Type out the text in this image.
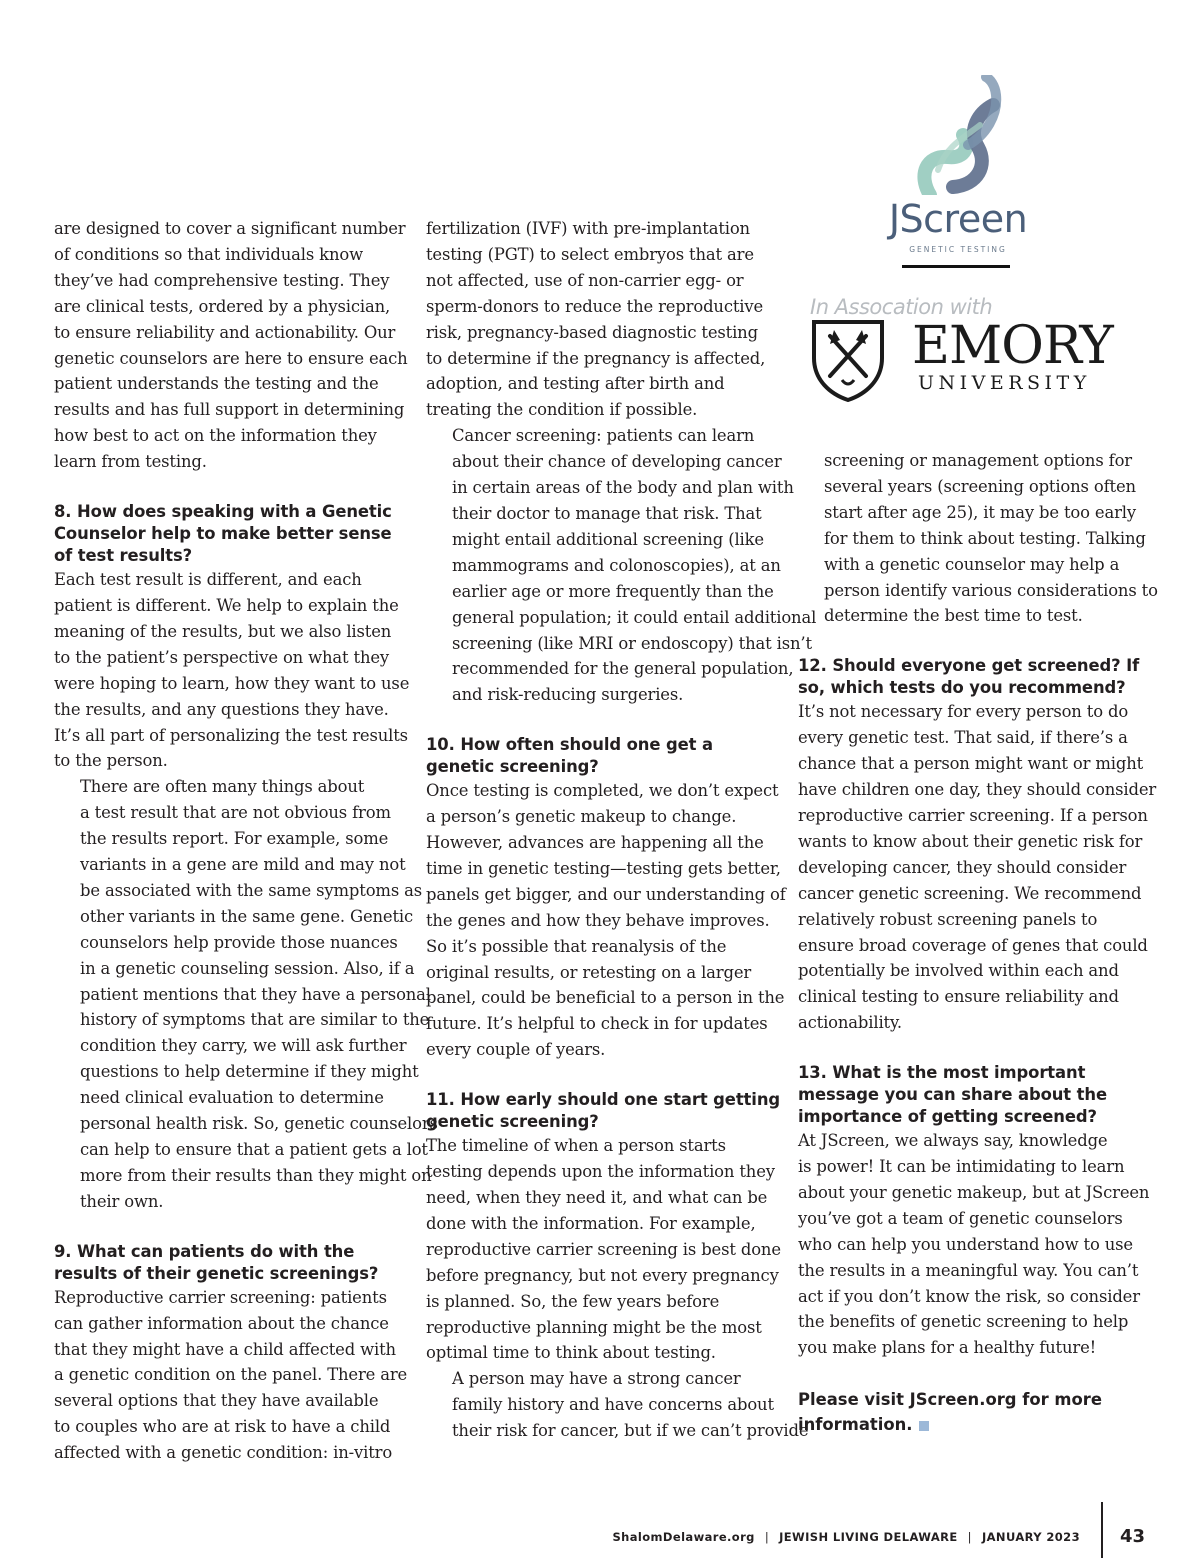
JScreen
GENETIC TESTING
In Assocation with
EMORY
UNIVERSITY

are designed to cover a significant number
of conditions so that individuals know
they’ve had comprehensive testing. They
are clinical tests, ordered by a physician,
to ensure reliability and actionability. Our
genetic counselors are here to ensure each
patient understands the testing and the
results and has full support in determining
how best to act on the information they
learn from testing.

8. How does speaking with a Genetic
Counselor help to make better sense
of test results?

Each test result is different, and each
patient is different. We help to explain the
meaning of the results, but we also listen
to the patient’s perspective on what they
were hoping to learn, how they want to use
the results, and any questions they have.
It’s all part of personalizing the test results
to the person.

There are often many things about
a test result that are not obvious from
the results report. For example, some
variants in a gene are mild and may not
be associated with the same symptoms as
other variants in the same gene. Genetic
counselors help provide those nuances
in a genetic counseling session. Also, if a
patient mentions that they have a personal
history of symptoms that are similar to the
condition they carry, we will ask further
questions to help determine if they might
need clinical evaluation to determine
personal health risk. So, genetic counselors
can help to ensure that a patient gets a lot
more from their results than they might on
their own.

9. What can patients do with the
results of their genetic screenings?

Reproductive carrier screening: patients
can gather information about the chance
that they might have a child affected with
a genetic condition on the panel. There are
several options that they have available
to couples who are at risk to have a child
affected with a genetic condition: in-vitro

fertilization (IVF) with pre-implantation
testing (PGT) to select embryos that are
not affected, use of non-carrier egg- or
sperm-donors to reduce the reproductive
risk, pregnancy-based diagnostic testing
to determine if the pregnancy is affected,
adoption, and testing after birth and
treating the condition if possible.

Cancer screening: patients can learn
about their chance of developing cancer
in certain areas of the body and plan with
their doctor to manage that risk. That
might entail additional screening (like
mammograms and colonoscopies), at an
earlier age or more frequently than the
general population; it could entail additional
screening (like MRI or endoscopy) that isn’t
recommended for the general population,
and risk-reducing surgeries.

10. How often should one get a
genetic screening?

Once testing is completed, we don’t expect
a person’s genetic makeup to change.
However, advances are happening all the
time in genetic testing—testing gets better,
panels get bigger, and our understanding of
the genes and how they behave improves.
So it’s possible that reanalysis of the
original results, or retesting on a larger
panel, could be beneficial to a person in the
future. It’s helpful to check in for updates
every couple of years.

11. How early should one start getting
genetic screening?

The timeline of when a person starts
testing depends upon the information they
need, when they need it, and what can be
done with the information. For example,
reproductive carrier screening is best done
before pregnancy, but not every pregnancy
is planned. So, the few years before
reproductive planning might be the most
optimal time to think about testing.

A person may have a strong cancer
family history and have concerns about
their risk for cancer, but if we can’t provide

screening or management options for
several years (screening options often
start after age 25), it may be too early
for them to think about testing. Talking
with a genetic counselor may help a
person identify various considerations to
determine the best time to test.

12. Should everyone get screened? If
so, which tests do you recommend?

It’s not necessary for every person to do
every genetic test. That said, if there’s a
chance that a person might want or might
have children one day, they should consider
reproductive carrier screening. If a person
wants to know about their genetic risk for
developing cancer, they should consider
cancer genetic screening. We recommend
relatively robust screening panels to
ensure broad coverage of genes that could
potentially be involved within each and
clinical testing to ensure reliability and
actionability.

13. What is the most important
message you can share about the
importance of getting screened?

At JScreen, we always say, knowledge
is power! It can be intimidating to learn
about your genetic makeup, but at JScreen
you’ve got a team of genetic counselors
who can help you understand how to use
the results in a meaningful way. You can’t
act if you don’t know the risk, so consider
the benefits of genetic screening to help
you make plans for a healthy future!

Please visit JScreen.org for more
information.
ShalomDelaware.org | JEWISH LIVING DELAWARE | JANUARY 2023 43
